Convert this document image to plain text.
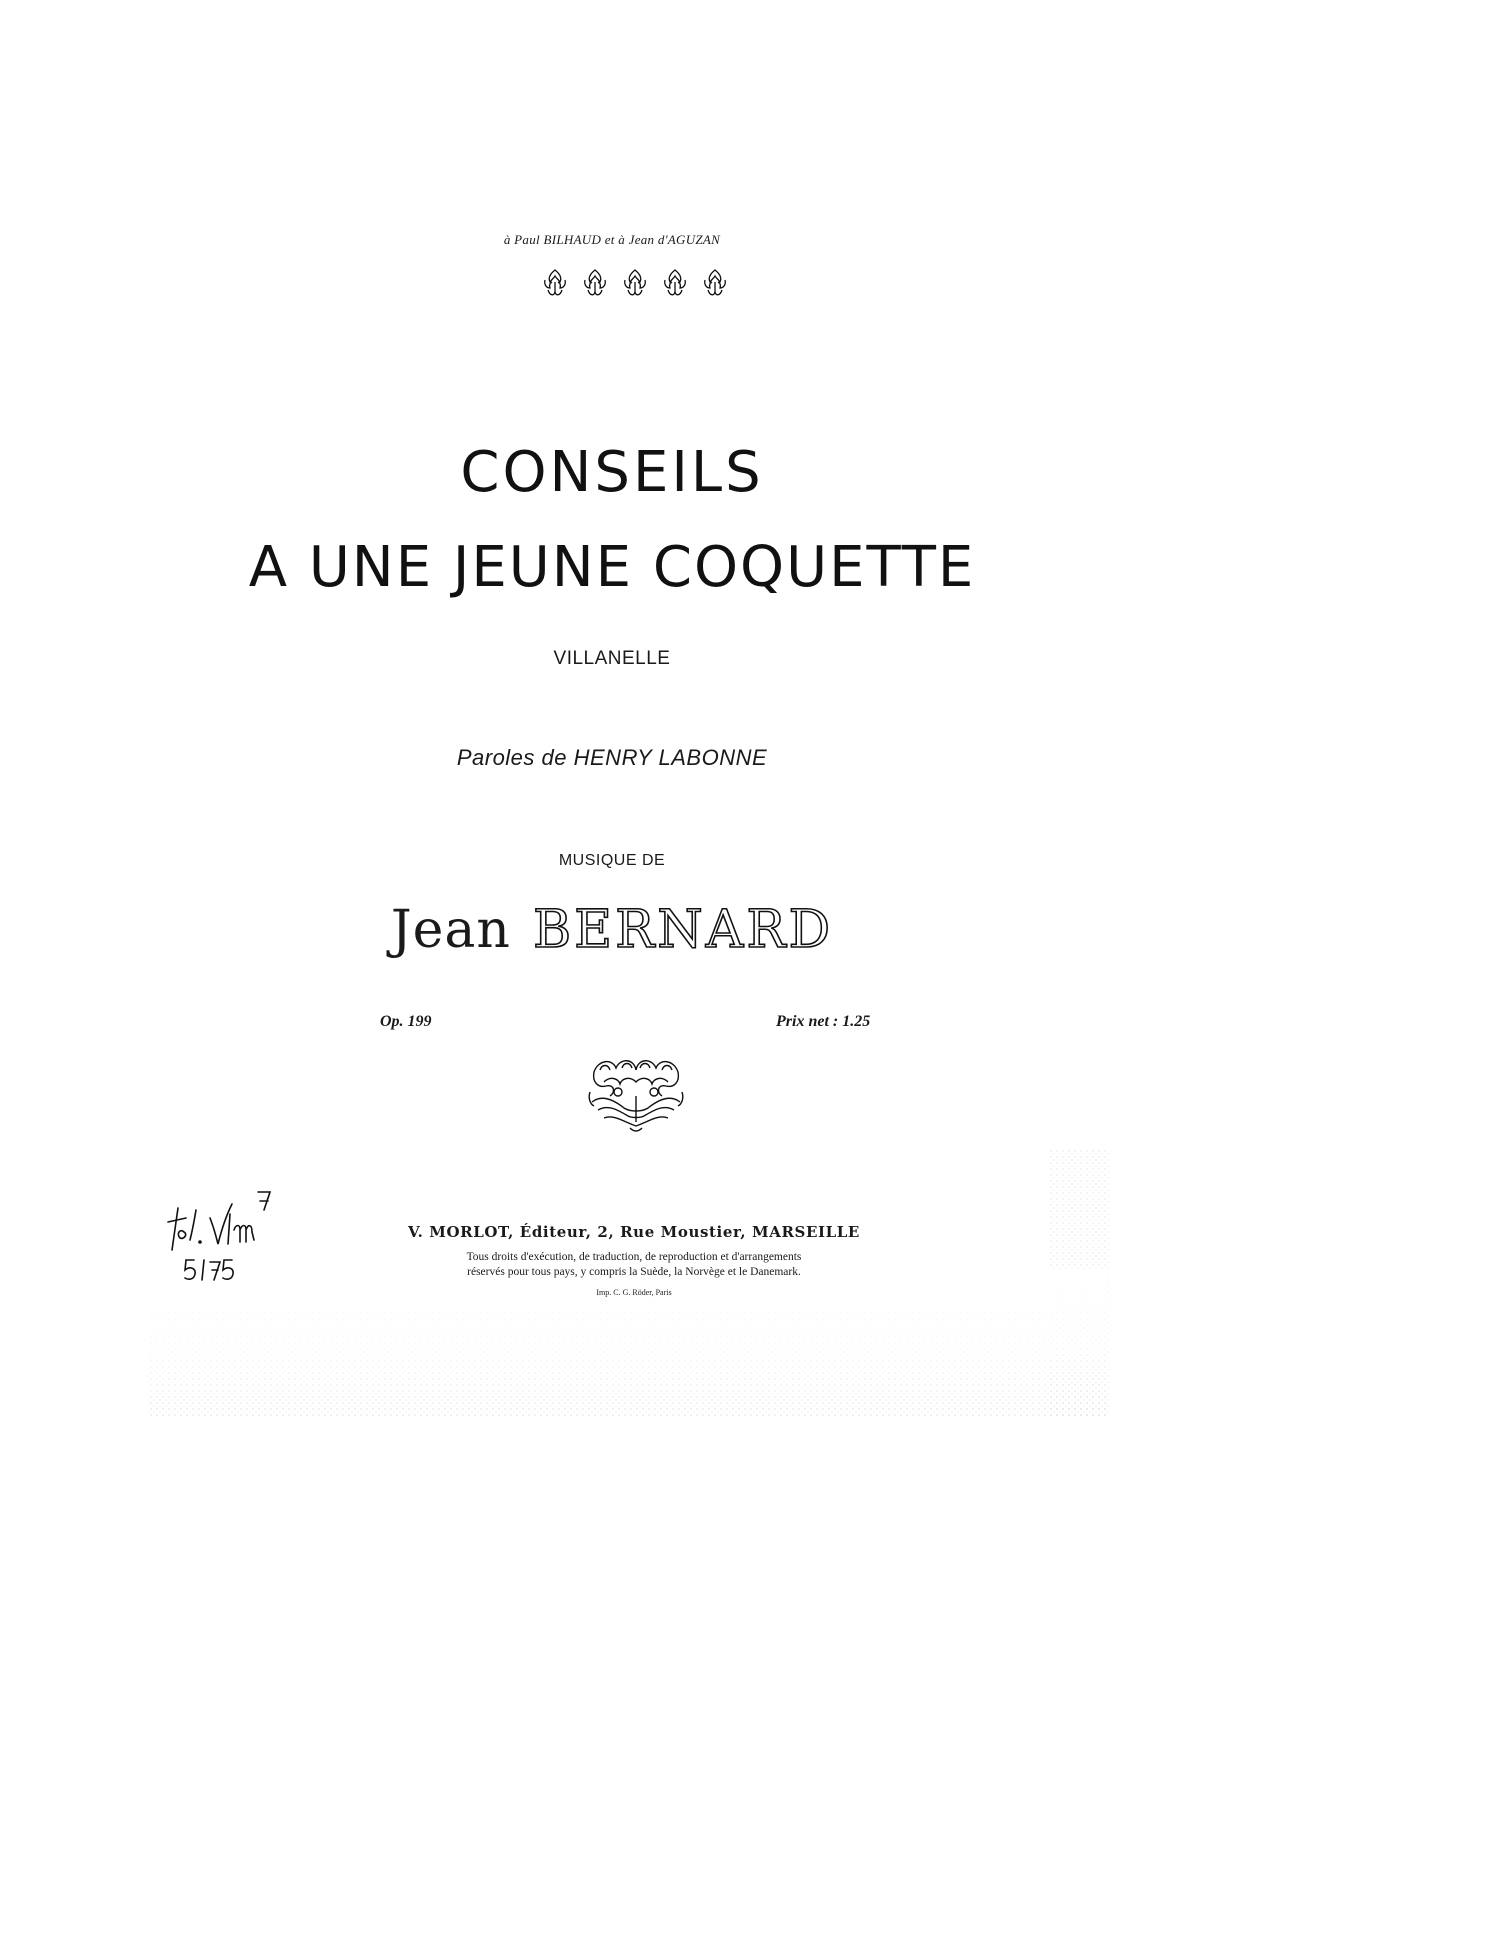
à Paul BILHAUD et à Jean d'AGUZAN
CONSEILS
A UNE JEUNE COQUETTE
VILLANELLE
Paroles de HENRY LABONNE
MUSIQUE DE
Jean BERNARD
Op. 199	Prix net : 1.25
V. MORLOT, Éditeur, 2, Rue Moustier, MARSEILLE
Tous droits d'exécution, de traduction, de reproduction et d'arrangements
réservés pour tous pays, y compris la Suède, la Norvège et le Danemark.
Imp. C. G. Röder, Paris
